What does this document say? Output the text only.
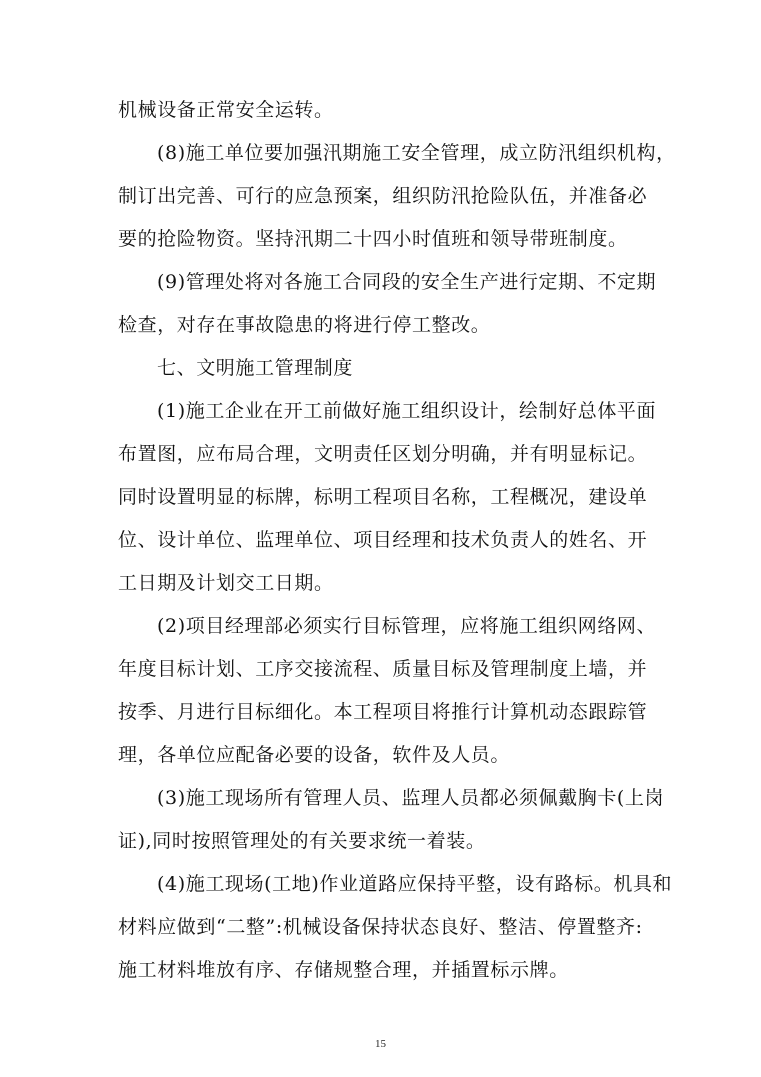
机械设备正常安全运转。
(8)施工单位要加强汛期施工安全管理，成立防汛组织机构，
制订出完善、可行的应急预案，组织防汛抢险队伍，并准备必
要的抢险物资。坚持汛期二十四小时值班和领导带班制度。
(9)管理处将对各施工合同段的安全生产进行定期、不定期
检查，对存在事故隐患的将进行停工整改。
七、文明施工管理制度
(1)施工企业在开工前做好施工组织设计，绘制好总体平面
布置图，应布局合理，文明责任区划分明确，并有明显标记。
同时设置明显的标牌，标明工程项目名称，工程概况，建设单
位、设计单位、监理单位、项目经理和技术负责人的姓名、开
工日期及计划交工日期。
(2)项目经理部必须实行目标管理，应将施工组织网络网、
年度目标计划、工序交接流程、质量目标及管理制度上墙，并
按季、月进行目标细化。本工程项目将推行计算机动态跟踪管
理，各单位应配备必要的设备，软件及人员。
(3)施工现场所有管理人员、监理人员都必须佩戴胸卡(上岗
证),同时按照管理处的有关要求统一着装。
(4)施工现场(工地)作业道路应保持平整，设有路标。机具和
材料应做到“二整”:机械设备保持状态良好、整洁、停置整齐:
施工材料堆放有序、存储规整合理，并插置标示牌。
15
